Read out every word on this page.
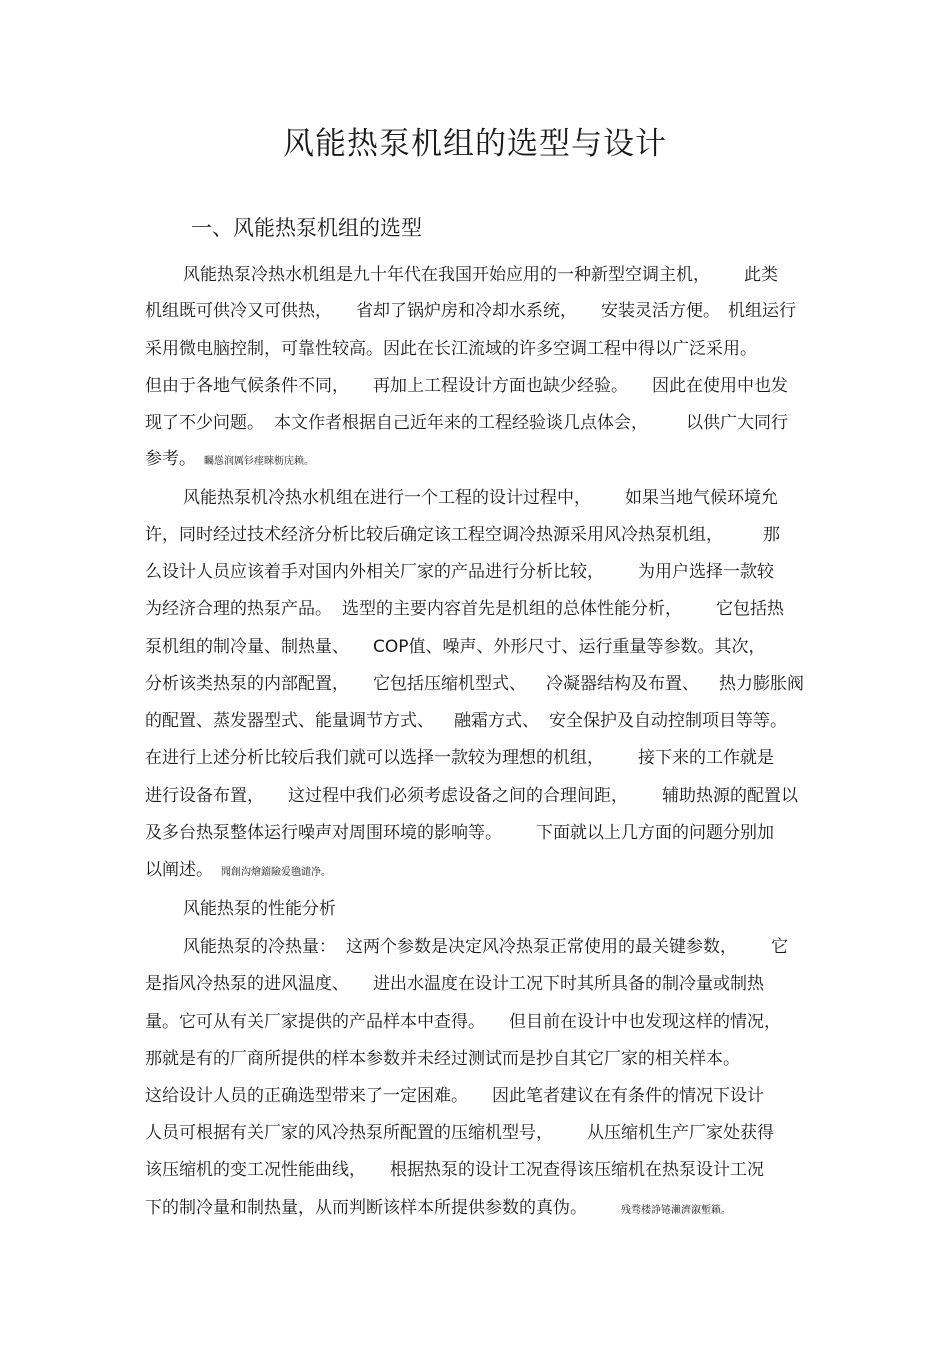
风能热泵机组的选型与设计
一、风能热泵机组的选型
风能热泵冷热水机组是九十年代在我国开始应用的一种新型空调主机， 此类
机组既可供冷又可供热， 省却了锅炉房和冷却水系统， 安装灵活方便。 机组运行
采用微电脑控制，可靠性较高。因此在长江流域的许多空调工程中得以广泛采用。
但由于各地气候条件不同， 再加上工程设计方面也缺少经验。 因此在使用中也发
现了不少问题。 本文作者根据自己近年来的工程经验谈几点体会， 以供广大同行
参考。 矚慫润厲钐瘗睞枥庑赖。
风能热泵机冷热水机组在进行一个工程的设计过程中， 如果当地气候环境允
许，同时经过技术经济分析比较后确定该工程空调冷热源采用风冷热泵机组， 那
么设计人员应该着手对国内外相关厂家的产品进行分析比较， 为用户选择一款较
为经济合理的热泵产品。 选型的主要内容首先是机组的总体性能分析， 它包括热
泵机组的制冷量、制热量、 COP值、噪声、外形尺寸、运行重量等参数。其次，
分析该类热泵的内部配置， 它包括压缩机型式、 冷凝器结构及布置、 热力膨胀阀
的配置、蒸发器型式、能量调节方式、 融霜方式、 安全保护及自动控制项目等等。
在进行上述分析比较后我们就可以选择一款较为理想的机组， 接下来的工作就是
进行设备布置， 这过程中我们必须考虑设备之间的合理间距， 辅助热源的配置以
及多台热泵整体运行噪声对周围环境的影响等。 下面就以上几方面的问题分别加
以阐述。 聞創沟燴鐺險爱氇谴净。
风能热泵的性能分析
风能热泵的冷热量： 这两个参数是决定风冷热泵正常使用的最关键参数， 它
是指风冷热泵的进风温度、 进出水温度在设计工况下时其所具备的制冷量或制热
量。它可从有关厂家提供的产品样本中查得。 但目前在设计中也发现这样的情况，
那就是有的厂商所提供的样本参数并未经过测试而是抄自其它厂家的相关样本。
这给设计人员的正确选型带来了一定困难。 因此笔者建议在有条件的情况下设计
人员可根据有关厂家的风冷热泵所配置的压缩机型号， 从压缩机生产厂家处获得
该压缩机的变工况性能曲线， 根据热泵的设计工况查得该压缩机在热泵设计工况
下的制冷量和制热量，从而判断该样本所提供参数的真伪。	残骛楼諍锩瀨濟溆塹籟。
